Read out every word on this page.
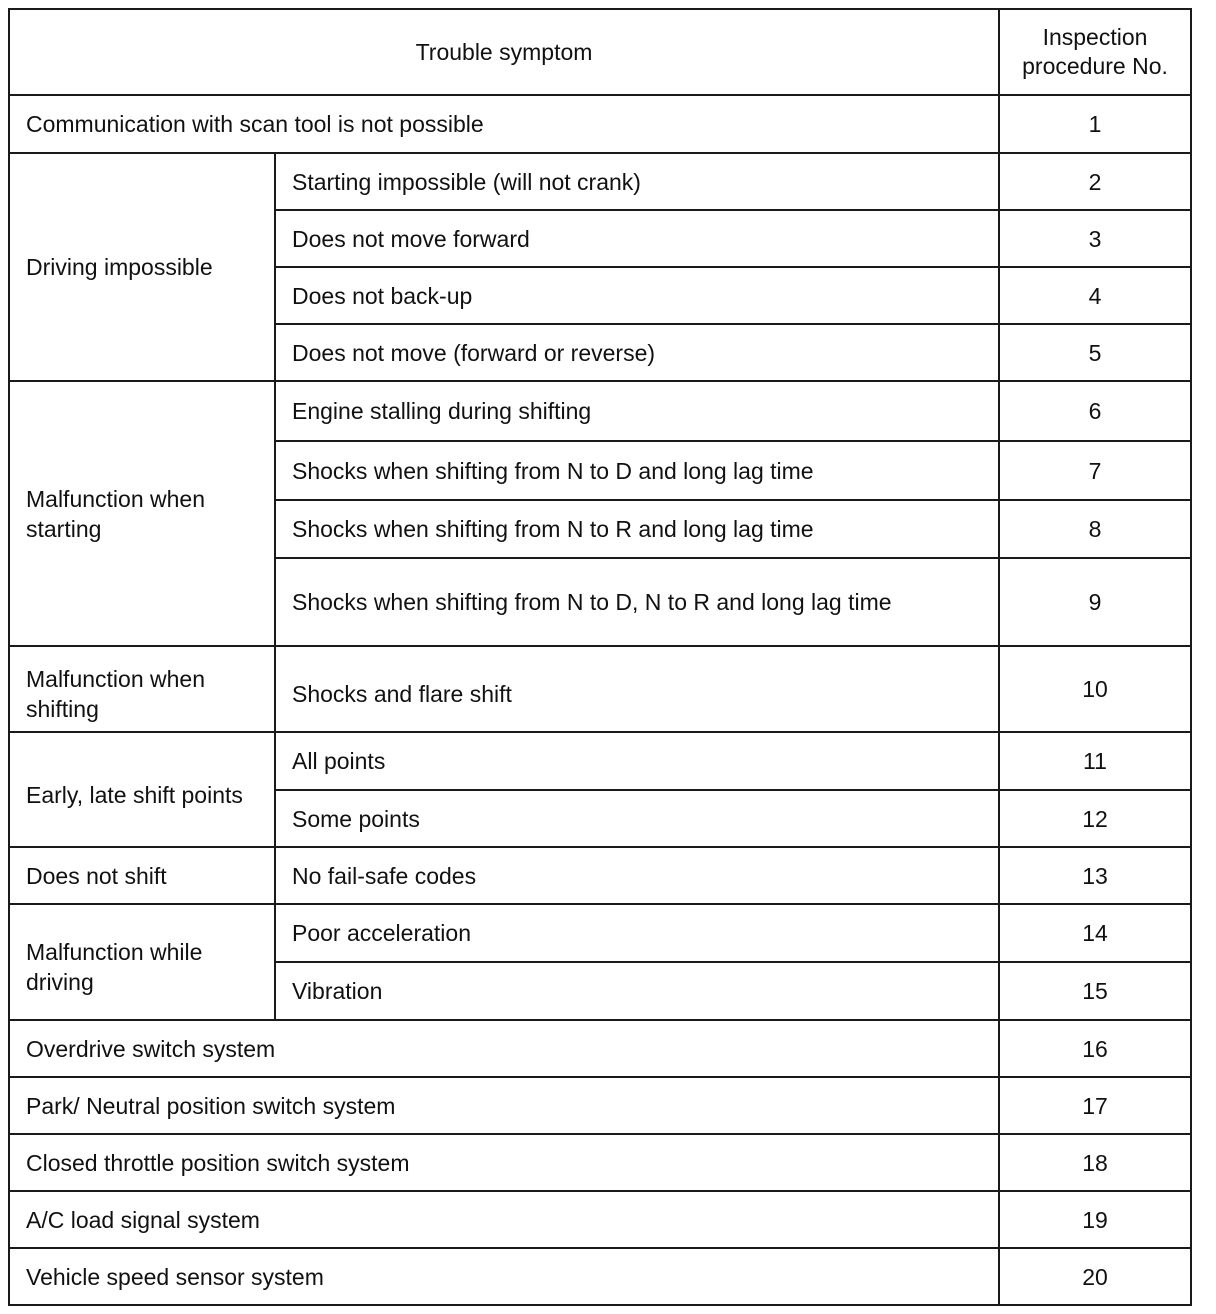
Trouble symptom		Inspection procedure No.
Communication with scan tool is not possible		1
Driving impossible	Starting impossible (will not crank)	2
	Does not move forward	3
	Does not back-up	4
	Does not move (forward or reverse)	5
Malfunction when starting	Engine stalling during shifting	6
	Shocks when shifting from N to D and long lag time	7
	Shocks when shifting from N to R and long lag time	8
	Shocks when shifting from N to D, N to R and long lag time	9
Malfunction when shifting	Shocks and flare shift	10
Early, late shift points	All points	11
	Some points	12
Does not shift	No fail-safe codes	13
Malfunction while driving	Poor acceleration	14
	Vibration	15
Overdrive switch system		16
Park/ Neutral position switch system		17
Closed throttle position switch system		18
A/C load signal system		19
Vehicle speed sensor system		20
